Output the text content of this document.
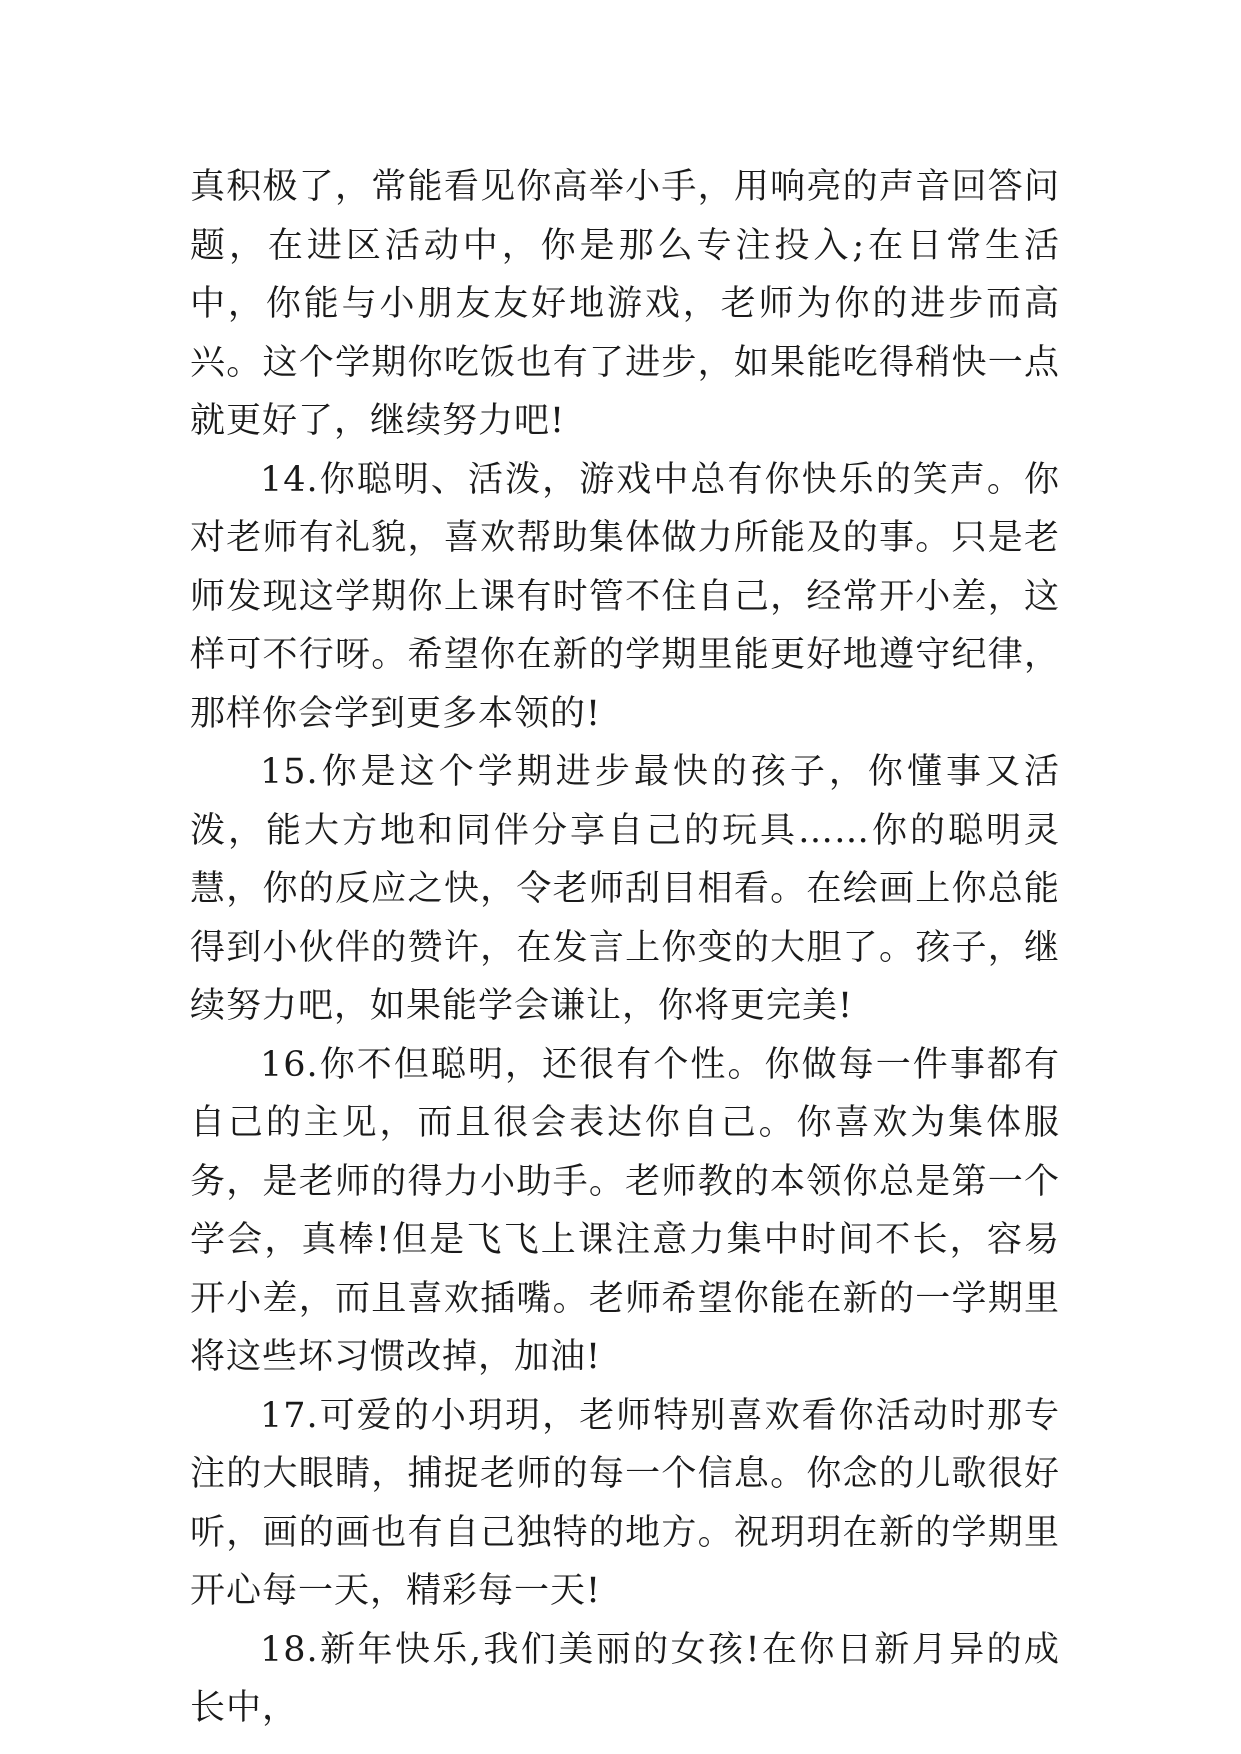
真积极了，常能看见你高举小手，用响亮的声音回答问题，在进区活动中，你是那么专注投入;在日常生活中，你能与小朋友友好地游戏，老师为你的进步而高兴。这个学期你吃饭也有了进步，如果能吃得稍快一点就更好了，继续努力吧!

14.你聪明、活泼，游戏中总有你快乐的笑声。你对老师有礼貌，喜欢帮助集体做力所能及的事。只是老师发现这学期你上课有时管不住自己，经常开小差，这样可不行呀。希望你在新的学期里能更好地遵守纪律，那样你会学到更多本领的!

15.你是这个学期进步最快的孩子，你懂事又活泼，能大方地和同伴分享自己的玩具……你的聪明灵慧，你的反应之快，令老师刮目相看。在绘画上你总能得到小伙伴的赞许，在发言上你变的大胆了。孩子，继续努力吧，如果能学会谦让，你将更完美!

16.你不但聪明，还很有个性。你做每一件事都有自己的主见，而且很会表达你自己。你喜欢为集体服务，是老师的得力小助手。老师教的本领你总是第一个学会，真棒!但是飞飞上课注意力集中时间不长，容易开小差，而且喜欢插嘴。老师希望你能在新的一学期里将这些坏习惯改掉，加油!

17.可爱的小玥玥，老师特别喜欢看你活动时那专注的大眼睛，捕捉老师的每一个信息。你念的儿歌很好听，画的画也有自己独特的地方。祝玥玥在新的学期里开心每一天，精彩每一天!

18.新年快乐,我们美丽的女孩!在你日新月异的成长中，
